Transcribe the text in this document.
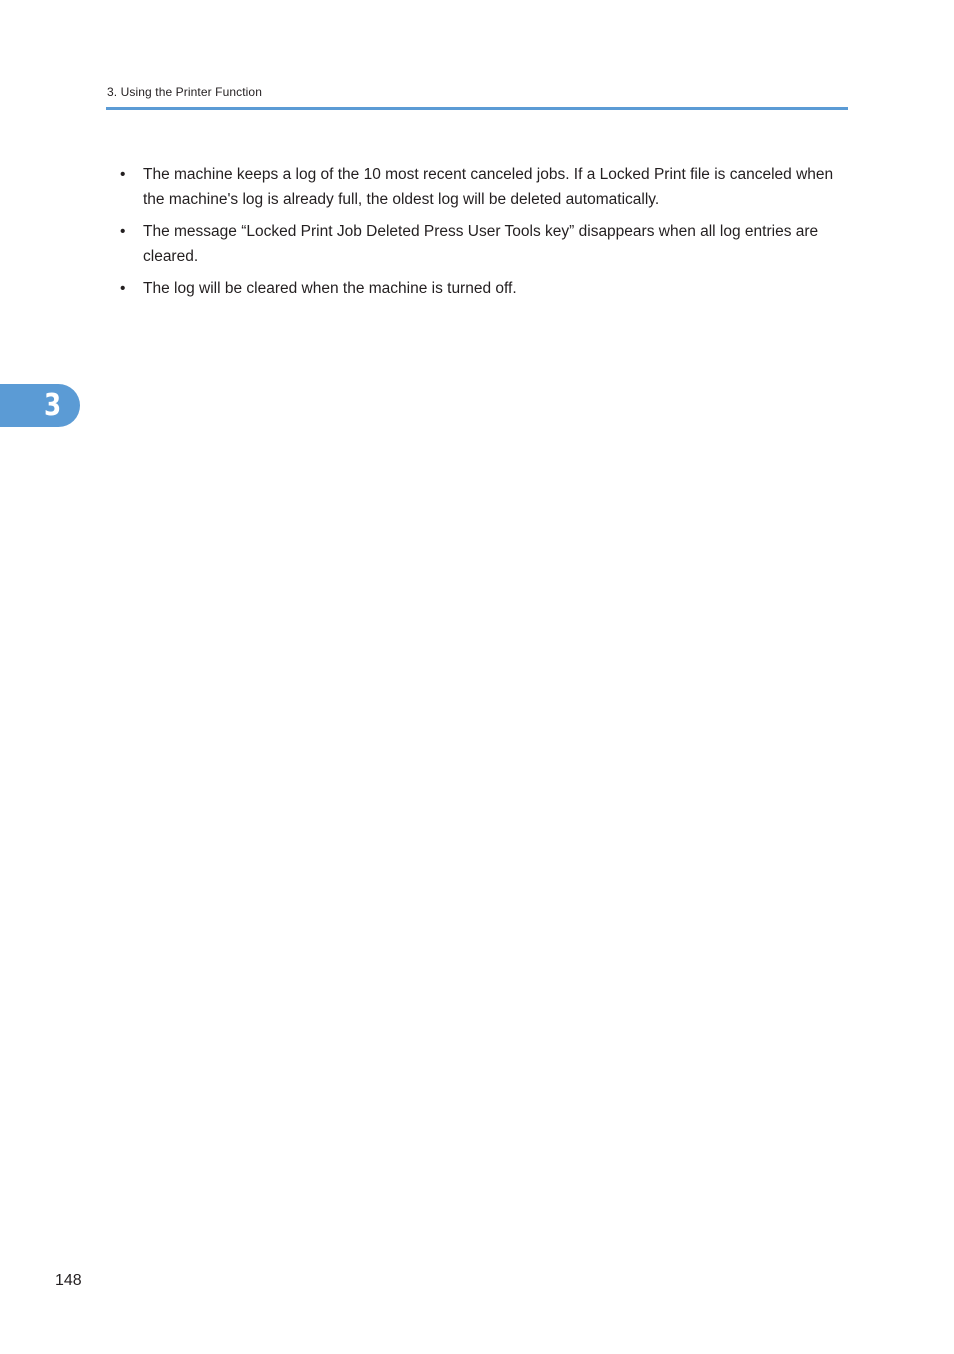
3. Using the Printer Function
•	The machine keeps a log of the 10 most recent canceled jobs. If a Locked Print file is canceled when the machine's log is already full, the oldest log will be deleted automatically.
•	The message “Locked Print Job Deleted Press User Tools key” disappears when all log entries are cleared.
•	The log will be cleared when the machine is turned off.
3
148
